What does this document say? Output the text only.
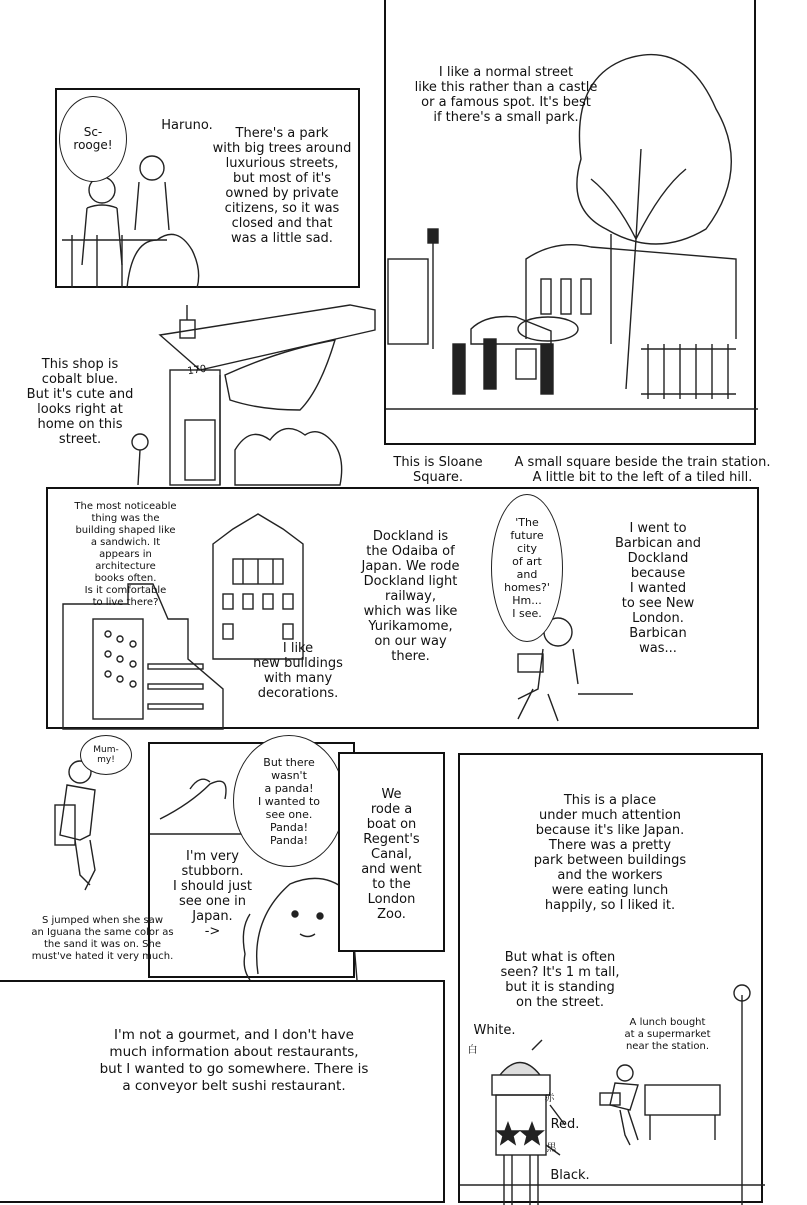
Sc-
rooge!
Haruno.
There's a park
with big trees around
luxurious streets,
but most of it's
owned by private
citizens, so it was
closed and that
was a little sad.
I like a normal street
like this rather than a castle
or a famous spot. It's best
if there's a small park.
170
This shop is
cobalt blue.
But it's cute and
looks right at
home on this
street.
This is Sloane
Square.
A small square beside the train station.
A little bit to the left of a tiled hill.
The most noticeable
thing was the
building shaped like
a sandwich. It
appears in architecture
books often.
Is it comfortable
to live there?
I like
new buildings
with many
decorations.
Dockland is
the Odaiba of
Japan. We rode
Dockland light
railway,
which was like
Yurikamome,
on our way
there.
'The
future
city
of art
and
homes?'
Hm...
I see.
I went to
Barbican and
Dockland
because
I wanted
to see New
London.
Barbican
was...
Mum-
my!
I'm very
stubborn.
I should just
see one in
Japan.
->
But there
wasn't
a panda!
I wanted to
see one.
Panda!
Panda!
S jumped when she saw
an Iguana the same color as
the sand it was on. She
must've hated it very much.
We
rode a
boat on
Regent's
Canal,
and went
to the
London
Zoo.
I'm not a gourmet, and I don't have
much information about restaurants,
but I wanted to go somewhere. There is
a conveyor belt sushi restaurant.
This is a place
under much attention
because it's like Japan.
There was a pretty
park between buildings
and the workers
were eating lunch
happily, so I liked it.
But what is often
seen? It's 1 m tall,
but it is standing
on the street.
A lunch bought
at a supermarket
near the station.
White.
白
Red.
赤
Black.
黒
